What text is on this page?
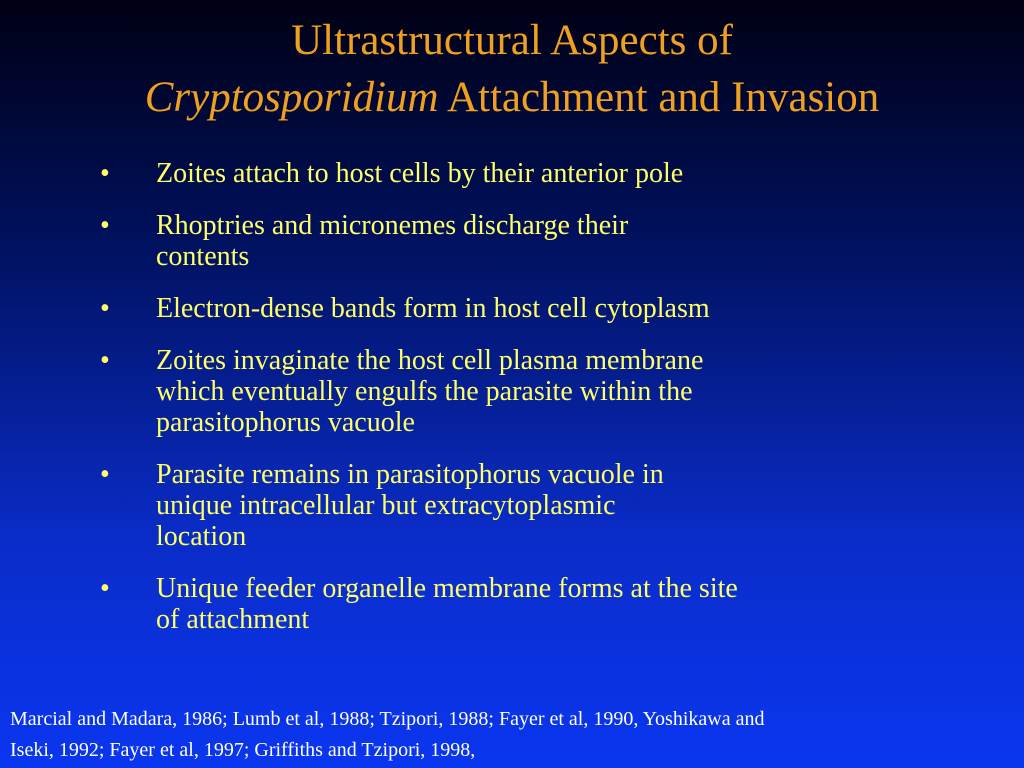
Ultrastructural Aspects of
Cryptosporidium Attachment and Invasion
•	Zoites attach to host cells by their anterior pole
•	Rhoptries and micronemes discharge their
contents
•	Electron-dense bands form in host cell cytoplasm
•	Zoites invaginate the host cell plasma membrane
which eventually engulfs the parasite within the
parasitophorus vacuole
•	Parasite remains in parasitophorus vacuole in
unique intracellular but extracytoplasmic
location
•	Unique feeder organelle membrane forms at the site
of attachment
Marcial and Madara, 1986; Lumb et al, 1988; Tzipori, 1988; Fayer et al, 1990, Yoshikawa and
Iseki, 1992; Fayer et al, 1997; Griffiths and Tzipori, 1998,
